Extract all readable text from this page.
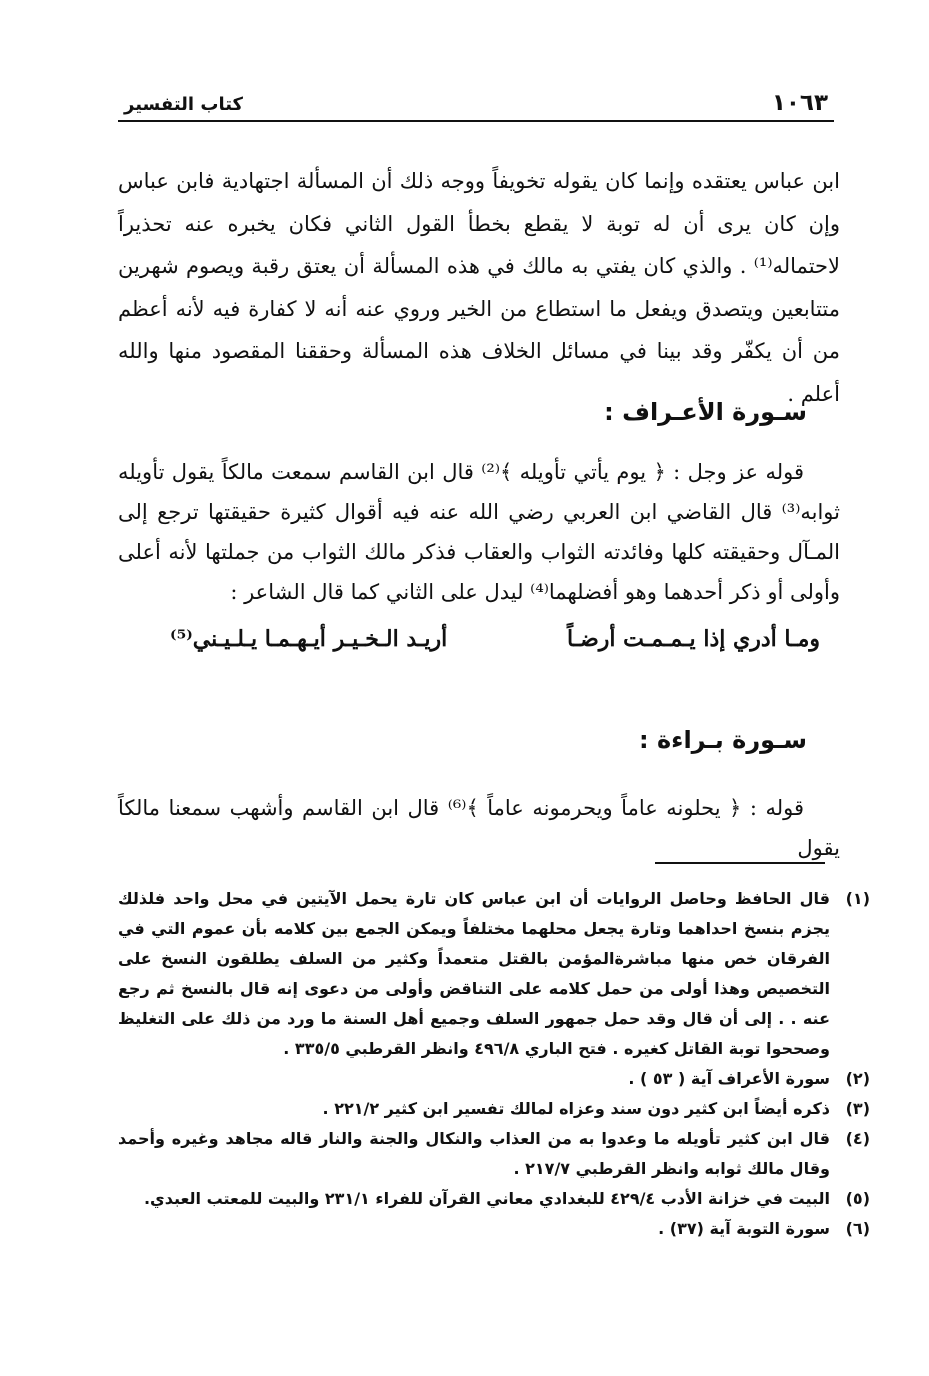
١٠٦٣
كتاب التفسير

ابن عباس يعتقده وإنما كان يقوله تخويفاً ووجه ذلك أن المسألة اجتهادية فابن عباس وإن كان يرى أن له توبة لا يقطع بخطأ القول الثاني فكان يخبره عنه تحذيراً لاحتماله⁽¹⁾ . والذي كان يفتي به مالك في هذه المسألة أن يعتق رقبة ويصوم شهرين متتابعين ويتصدق ويفعل ما استطاع من الخير وروي عنه أنه لا كفارة فيه لأنه أعظم من أن يكفّر وقد بينا في مسائل الخلاف هذه المسألة وحققنا المقصود منها والله أعلم .

سـورة الأعـراف :
قوله عز وجل : ﴿ يوم يأتي تأويله ﴾⁽²⁾ قال ابن القاسم سمعت مالكاً يقول تأويله ثوابه⁽³⁾ قال القاضي ابن العربي رضي الله عنه فيه أقوال كثيرة حقيقتها ترجع إلى المـآل وحقيقته كلها وفائدته الثواب والعقاب فذكر مالك الثواب من جملتها لأنه أعلى وأولى أو ذكر أحدهما وهو أفضلهما⁽⁴⁾ ليدل على الثاني كما قال الشاعر :
ومـا أدري إذا يـمـمـت أرضـاً
أريـد الـخـيـر أيـهـمـا يـلـيـني⁽⁵⁾
سـورة بـراءة :
قوله : ﴿ يحلونه عاماً ويحرمونه عاماً ﴾⁽⁶⁾ قال ابن القاسم وأشهب سمعنا مالكاً يقول
(١)
قال الحافظ وحاصل الروايات أن ابن عباس كان تارة يحمل الآيتين في محل واحد فلذلك يجزم بنسخ احداهما وتارة يجعل محلهما مختلفاً ويمكن الجمع بين كلامه بأن عموم التي في الفرقان خص منها مباشرةالمؤمن بالقتل متعمداً وكثير من السلف يطلقون النسخ على التخصيص وهذا أولى من حمل كلامه على التناقض وأولى من دعوى إنه قال بالنسخ ثم رجع عنه . . إلى أن قال وقد حمل جمهور السلف وجميع أهل السنة ما ورد من ذلك على التغليظ وصححوا توبة القاتل كغيره . فتح الباري ٤٩٦/٨ وانظر القرطبي ٣٣٥/٥ .
(٢)
سورة الأعراف آية ( ٥٣ ) .
(٣)
ذكره أيضاً ابن كثير دون سند وعزاه لمالك تفسير ابن كثير ٢٢١/٢ .
(٤)
قال ابن كثير تأويله ما وعدوا به من العذاب والنكال والجنة والنار قاله مجاهد وغيره وأحمد وقال مالك ثوابه وانظر القرطبي ٢١٧/٧ .
(٥)
البيت في خزانة الأدب ٤٢٩/٤ للبغدادي معاني القرآن للفراء ٢٣١/١ والبيت للمعتب العبدي.
(٦)
سورة التوبة آية (٣٧) .
